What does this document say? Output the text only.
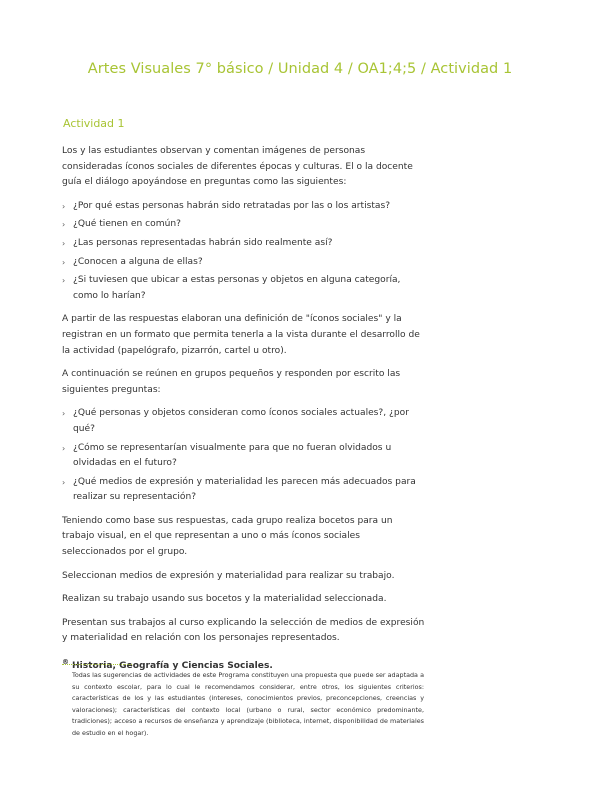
Artes Visuales 7° básico / Unidad 4 / OA1;4;5 / Actividad 1
Actividad 1

Los y las estudiantes observan y comentan imágenes de personas consideradas íconos sociales de diferentes épocas y culturas. El o la docente guía el diálogo apoyándose en preguntas como las siguientes:

› ¿Por qué estas personas habrán sido retratadas por las o los artistas?
› ¿Qué tienen en común?
› ¿Las personas representadas habrán sido realmente así?
› ¿Conocen a alguna de ellas?
› ¿Si tuviesen que ubicar a estas personas y objetos en alguna categoría, como lo harían?

A partir de las respuestas elaboran una definición de "íconos sociales" y la registran en un formato que permita tenerla a la vista durante el desarrollo de la actividad (papelógrafo, pizarrón, cartel u otro).

A continuación se reúnen en grupos pequeños y responden por escrito las siguientes preguntas:

› ¿Qué personas y objetos consideran como íconos sociales actuales?, ¿por qué?
› ¿Cómo se representarían visualmente para que no fueran olvidados u olvidadas en el futuro?
› ¿Qué medios de expresión y materialidad les parecen más adecuados para realizar su representación?

Teniendo como base sus respuestas, cada grupo realiza bocetos para un trabajo visual, en el que representan a uno o más íconos sociales seleccionados por el grupo.

Seleccionan medios de expresión y materialidad para realizar su trabajo.

Realizan su trabajo usando sus bocetos y la materialidad seleccionada.

Presentan sus trabajos al curso explicando la selección de medios de expresión y materialidad en relación con los personajes representados.

® Historia, Geografía y Ciencias Sociales.

Todas las sugerencias de actividades de este Programa constituyen una propuesta que puede ser adaptada a su contexto escolar, para lo cual le recomendamos considerar, entre otros, los siguientes criterios: características de los y las estudiantes (intereses, conocimientos previos, preconcepciones, creencias y valoraciones); características del contexto local (urbano o rural, sector económico predominante, tradiciones); acceso a recursos de enseñanza y aprendizaje (biblioteca, internet, disponibilidad de materiales de estudio en el hogar).
